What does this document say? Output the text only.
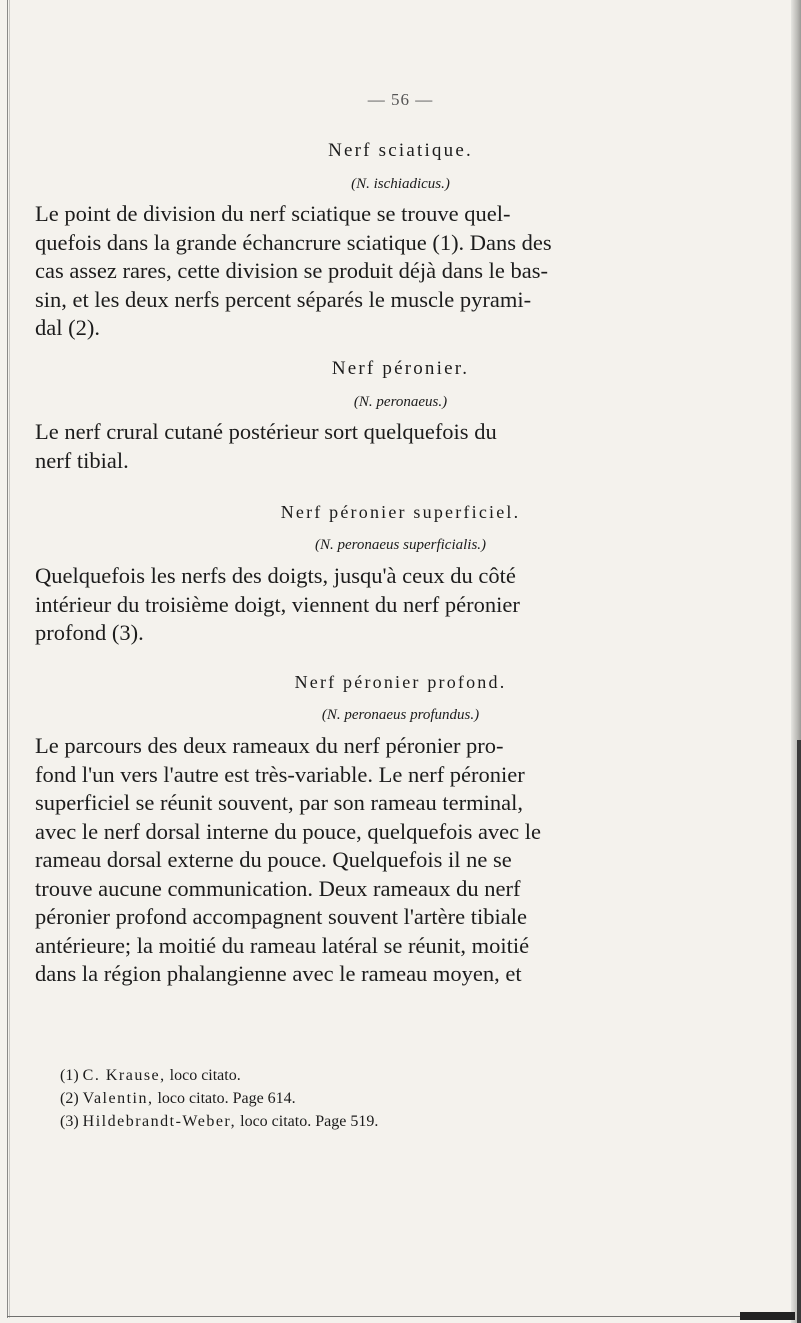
— 56 —
Nerf sciatique.
(N. ischiadicus.)
Le point de division du nerf sciatique se trouve quel-
quefois dans la grande échancrure sciatique (1). Dans des
cas assez rares, cette division se produit déjà dans le bas-
sin, et les deux nerfs percent séparés le muscle pyrami-
dal (2).
Nerf péronier.
(N. peronaeus.)
Le nerf crural cutané postérieur sort quelquefois du
nerf tibial.
Nerf péronier superficiel.
(N. peronaeus superficialis.)
Quelquefois les nerfs des doigts, jusqu'à ceux du côté
intérieur du troisième doigt, viennent du nerf péronier
profond (3).
Nerf péronier profond.
(N. peronaeus profundus.)
Le parcours des deux rameaux du nerf péronier pro-
fond l'un vers l'autre est très-variable. Le nerf péronier
superficiel se réunit souvent, par son rameau terminal,
avec le nerf dorsal interne du pouce, quelquefois avec le
rameau dorsal externe du pouce. Quelquefois il ne se
trouve aucune communication. Deux rameaux du nerf
péronier profond accompagnent souvent l'artère tibiale
antérieure; la moitié du rameau latéral se réunit, moitié
dans la région phalangienne avec le rameau moyen, et
(1) C. Krause, loco citato.
(2) Valentin, loco citato. Page 614.
(3) Hildebrandt-Weber, loco citato. Page 519.
